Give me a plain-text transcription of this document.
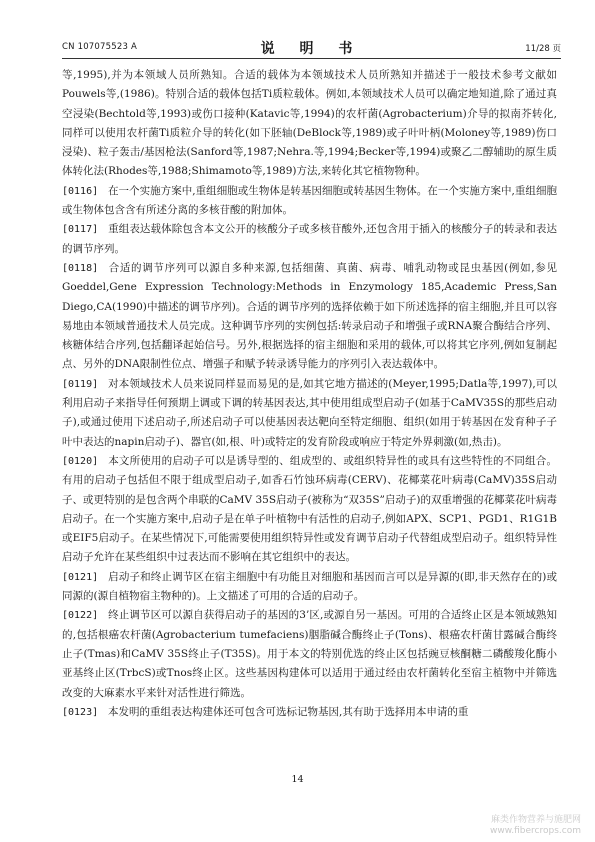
CN 107075523 A	说 明 书	11/28 页

等,1995),并为本领域人员所熟知。合适的载体为本领域技术人员所熟知并描述于一般技术参考文献如Pouwels等,(1986)。特别合适的载体包括Ti质粒载体。例如,本领域技术人员可以确定地知道,除了通过真空浸染(Bechtold等,1993)或伤口接种(Katavic等,1994)的农杆菌(Agrobacterium)介导的拟南芥转化,同样可以使用农杆菌Ti质粒介导的转化(如下胚轴(DeBlock等,1989)或子叶叶柄(Moloney等,1989)伤口浸染)、粒子轰击/基因枪法(Sanford等,1987;Nehra.等,1994;Becker等,1994)或聚乙二醇辅助的原生质体转化法(Rhodes等,1988;Shimamoto等,1989)方法,来转化其它植物物种。

[0116] 在一个实施方案中,重组细胞或生物体是转基因细胞或转基因生物体。在一个实施方案中,重组细胞或生物体包含含有所述分离的多核苷酸的附加体。

[0117] 重组表达载体除包含本文公开的核酸分子或多核苷酸外,还包含用于插入的核酸分子的转录和表达的调节序列。

[0118] 合适的调节序列可以源自多种来源,包括细菌、真菌、病毒、哺乳动物或昆虫基因(例如,参见Goeddel,Gene Expression Technology:Methods in Enzymology 185,Academic Press,San Diego,CA(1990)中描述的调节序列)。合适的调节序列的选择依赖于如下所述选择的宿主细胞,并且可以容易地由本领域普通技术人员完成。这种调节序列的实例包括:转录启动子和增强子或RNA聚合酶结合序列、核糖体结合序列,包括翻译起始信号。另外,根据选择的宿主细胞和采用的载体,可以将其它序列,例如复制起点、另外的DNA限制性位点、增强子和赋予转录诱导能力的序列引入表达载体中。

[0119] 对本领域技术人员来说同样显而易见的是,如其它地方描述的(Meyer,1995;Datla等,1997),可以利用启动子来指导任何预期上调或下调的转基因表达,其中使用组成型启动子(如基于CaMV35S的那些启动子),或通过使用下述启动子,所述启动子可以使基因表达靶向至特定细胞、组织(如用于转基因在发育种子子叶中表达的napin启动子)、器官(如,根、叶)或特定的发育阶段或响应于特定外界刺激(如,热击)。

[0120] 本文所使用的启动子可以是诱导型的、组成型的、或组织特异性的或具有这些特性的不同组合。有用的启动子包括但不限于组成型启动子,如香石竹蚀环病毒(CERV)、花椰菜花叶病毒(CaMV)35S启动子、或更特别的是包含两个串联的CaMV 35S启动子(被称为“双35S”启动子)的双重增强的花椰菜花叶病毒启动子。在一个实施方案中,启动子是在单子叶植物中有活性的启动子,例如APX、SCP1、PGD1、R1G1B或EIF5启动子。在某些情况下,可能需要使用组织特异性或发育调节启动子代替组成型启动子。组织特异性启动子允许在某些组织中过表达而不影响在其它组织中的表达。

[0121] 启动子和终止调节区在宿主细胞中有功能且对细胞和基因而言可以是异源的(即,非天然存在的)或同源的(源自植物宿主物种的)。上文描述了可用的合适的启动子。

[0122] 终止调节区可以源自获得启动子的基因的3’区,或源自另一基因。可用的合适终止区是本领域熟知的,包括根癌农杆菌(Agrobacterium tumefaciens)胭脂碱合酶终止子(Tons)、根癌农杆菌甘露碱合酶终止子(Tmas)和CaMV 35S终止子(T35S)。用于本文的特别优选的终止区包括豌豆核酮糖二磷酸羧化酶小亚基终止区(TrbcS)或Tnos终止区。这些基因构建体可以适用于通过经由农杆菌转化至宿主植物中并筛选改变的大麻素水平来针对活性进行筛选。

[0123] 本发明的重组表达构建体还可包含可选标记物基因,其有助于选择用本申请的重

14
麻类作物营养与施肥网
www.fibercrops.com
